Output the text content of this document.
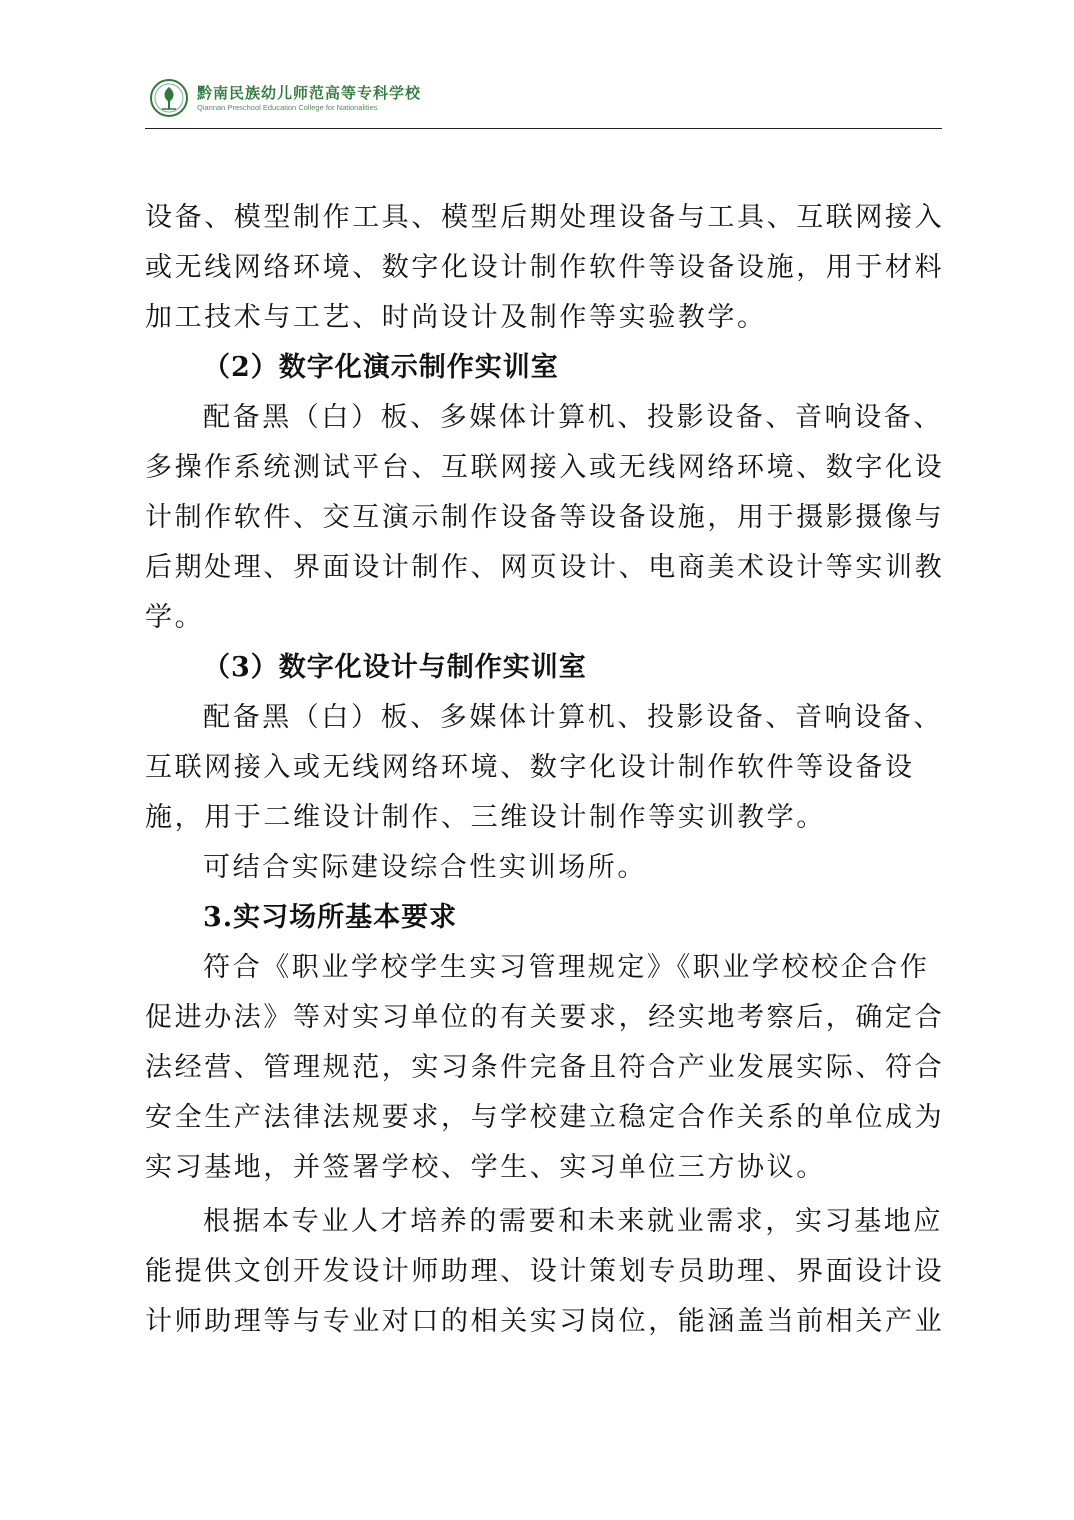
黔南民族幼儿师范高等专科学校
Qiannan Preschool Education College for Nationalities
设备、模型制作工具、模型后期处理设备与工具、互联网接入
或无线网络环境、数字化设计制作软件等设备设施，用于材料
加工技术与工艺、时尚设计及制作等实验教学。
（2）数字化演示制作实训室
配备黑（白）板、多媒体计算机、投影设备、音响设备、
多操作系统测试平台、互联网接入或无线网络环境、数字化设
计制作软件、交互演示制作设备等设备设施，用于摄影摄像与
后期处理、界面设计制作、网页设计、电商美术设计等实训教
学。
（3）数字化设计与制作实训室
配备黑（白）板、多媒体计算机、投影设备、音响设备、
互联网接入或无线网络环境、数字化设计制作软件等设备设
施，用于二维设计制作、三维设计制作等实训教学。
可结合实际建设综合性实训场所。
3.实习场所基本要求
符合《职业学校学生实习管理规定》《职业学校校企合作
促进办法》等对实习单位的有关要求，经实地考察后，确定合
法经营、管理规范，实习条件完备且符合产业发展实际、符合
安全生产法律法规要求，与学校建立稳定合作关系的单位成为
实习基地，并签署学校、学生、实习单位三方协议。
根据本专业人才培养的需要和未来就业需求，实习基地应
能提供文创开发设计师助理、设计策划专员助理、界面设计设
计师助理等与专业对口的相关实习岗位，能涵盖当前相关产业
